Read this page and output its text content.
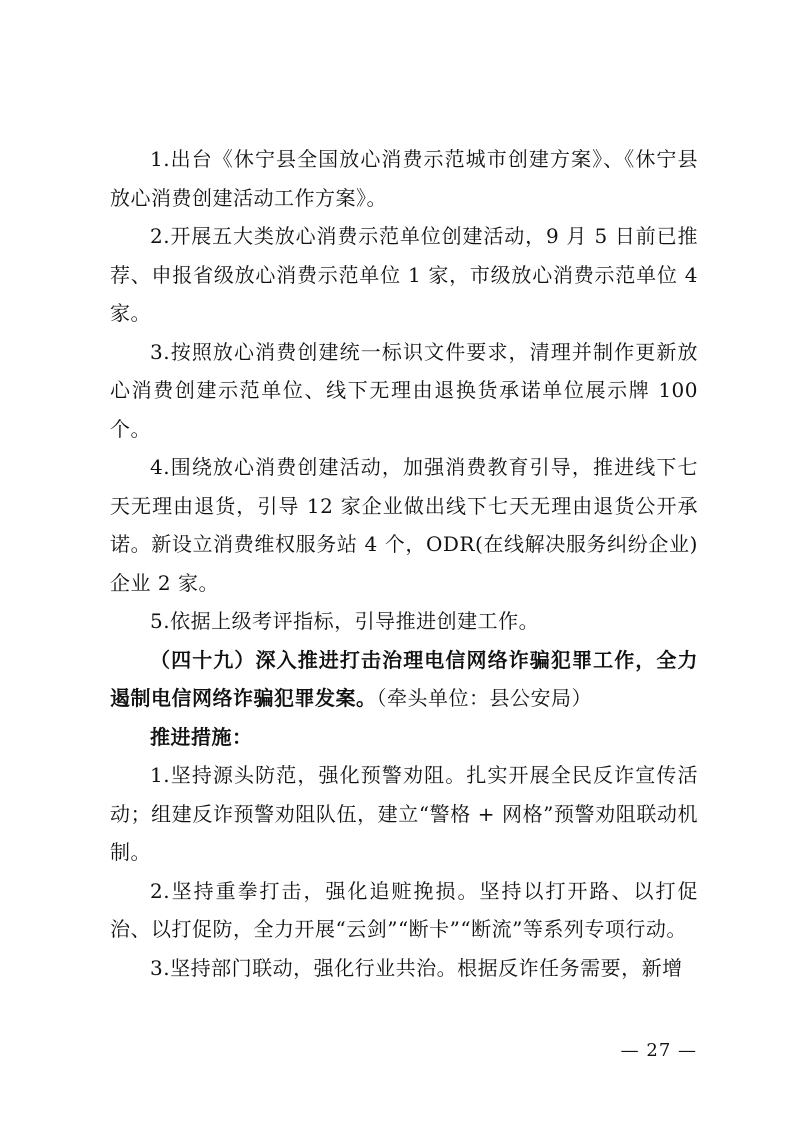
1.出台《休宁县全国放心消费示范城市创建方案》、《休宁县放心消费创建活动工作方案》。

2.开展五大类放心消费示范单位创建活动，9 月 5 日前已推荐、申报省级放心消费示范单位 1 家，市级放心消费示范单位 4 家。

3.按照放心消费创建统一标识文件要求，清理并制作更新放心消费创建示范单位、线下无理由退换货承诺单位展示牌 100 个。

4.围绕放心消费创建活动，加强消费教育引导，推进线下七天无理由退货，引导 12 家企业做出线下七天无理由退货公开承诺。新设立消费维权服务站 4 个，ODR(在线解决服务纠纷企业)企业 2 家。

5.依据上级考评指标，引导推进创建工作。

（四十九）深入推进打击治理电信网络诈骗犯罪工作，全力遏制电信网络诈骗犯罪发案。（牵头单位：县公安局）

推进措施：

1.坚持源头防范，强化预警劝阻。扎实开展全民反诈宣传活动；组建反诈预警劝阻队伍，建立“警格 + 网格”预警劝阻联动机制。

2.坚持重拳打击，强化追赃挽损。坚持以打开路、以打促治、以打促防，全力开展“云剑”“断卡”“断流”等系列专项行动。

3.坚持部门联动，强化行业共治。根据反诈任务需要，新增

— 27 —
